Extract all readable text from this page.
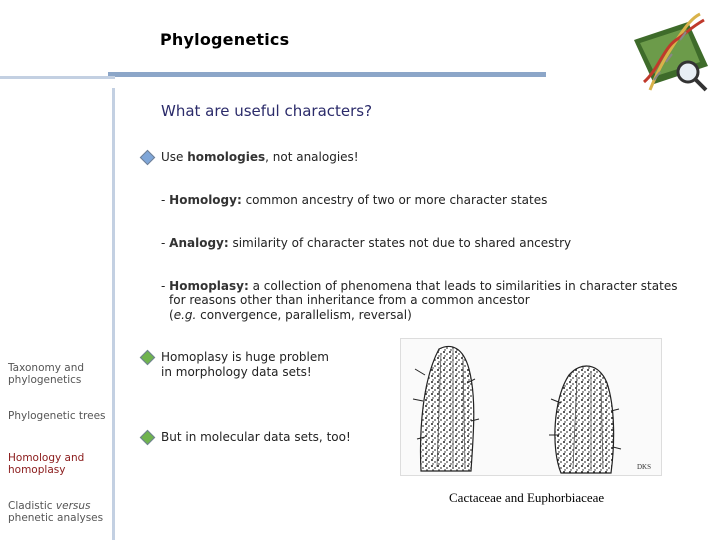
Phylogenetics
What are useful characters?
Use homologies, not analogies!
- Homology: common ancestry of two or more character states
- Analogy: similarity of character states not due to shared ancestry
- Homoplasy: a collection of phenomena that leads to similarities in character states
for reasons other than inheritance from a common ancestor
(e.g. convergence, parallelism, reversal)
Homoplasy is huge problem
in morphology data sets!
But in molecular data sets, too!
Taxonomy and
phylogenetics
Phylogenetic trees
Homology and
homoplasy
Cladistic versus
phenetic analyses
DKS
Cactaceae and Euphorbiaceae
